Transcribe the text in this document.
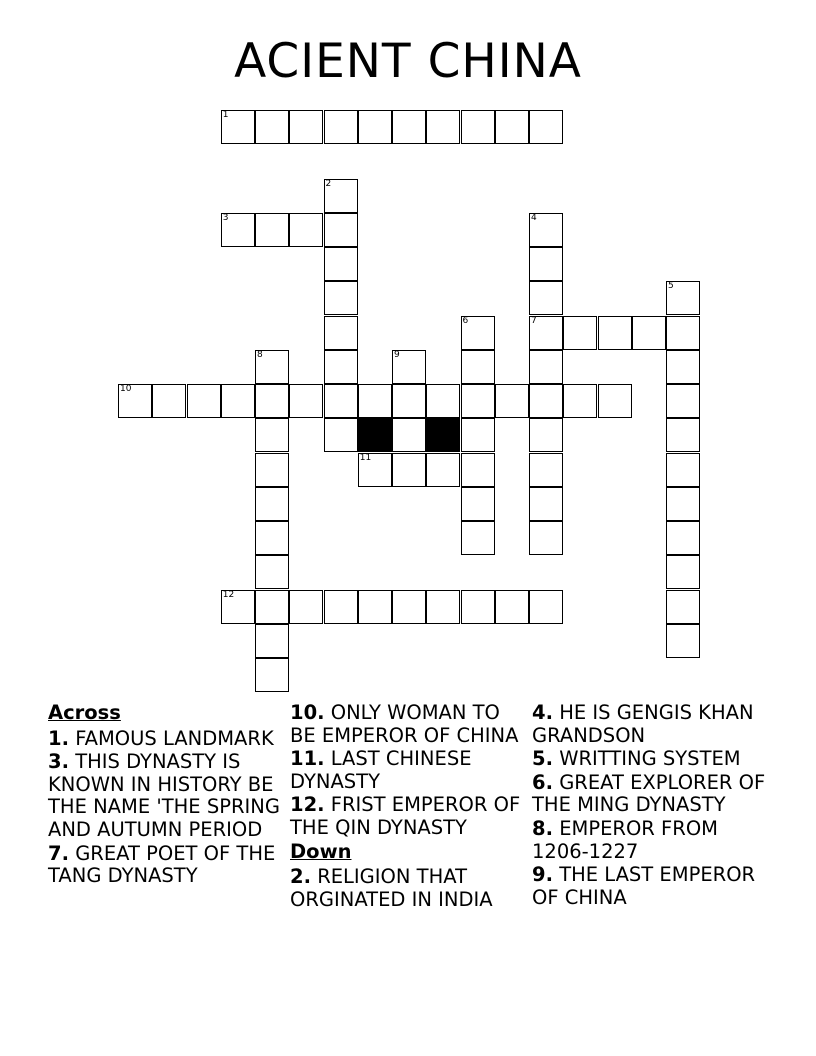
ACIENT CHINA
1
2
3	4
5
6	7
8	9
10
11
12
Across
1. FAMOUS LANDMARK
3. THIS DYNASTY IS KNOWN IN HISTORY BE THE NAME 'THE SPRING AND AUTUMN PERIOD
7. GREAT POET OF THE TANG DYNASTY
10. ONLY WOMAN TO BE EMPEROR OF CHINA
11. LAST CHINESE DYNASTY
12. FRIST EMPEROR OF THE QIN DYNASTY
Down
2. RELIGION THAT ORGINATED IN INDIA
4. HE IS GENGIS KHAN GRANDSON
5. WRITTING SYSTEM
6. GREAT EXPLORER OF THE MING DYNASTY
8. EMPEROR FROM 1206-1227
9. THE LAST EMPEROR OF CHINA
